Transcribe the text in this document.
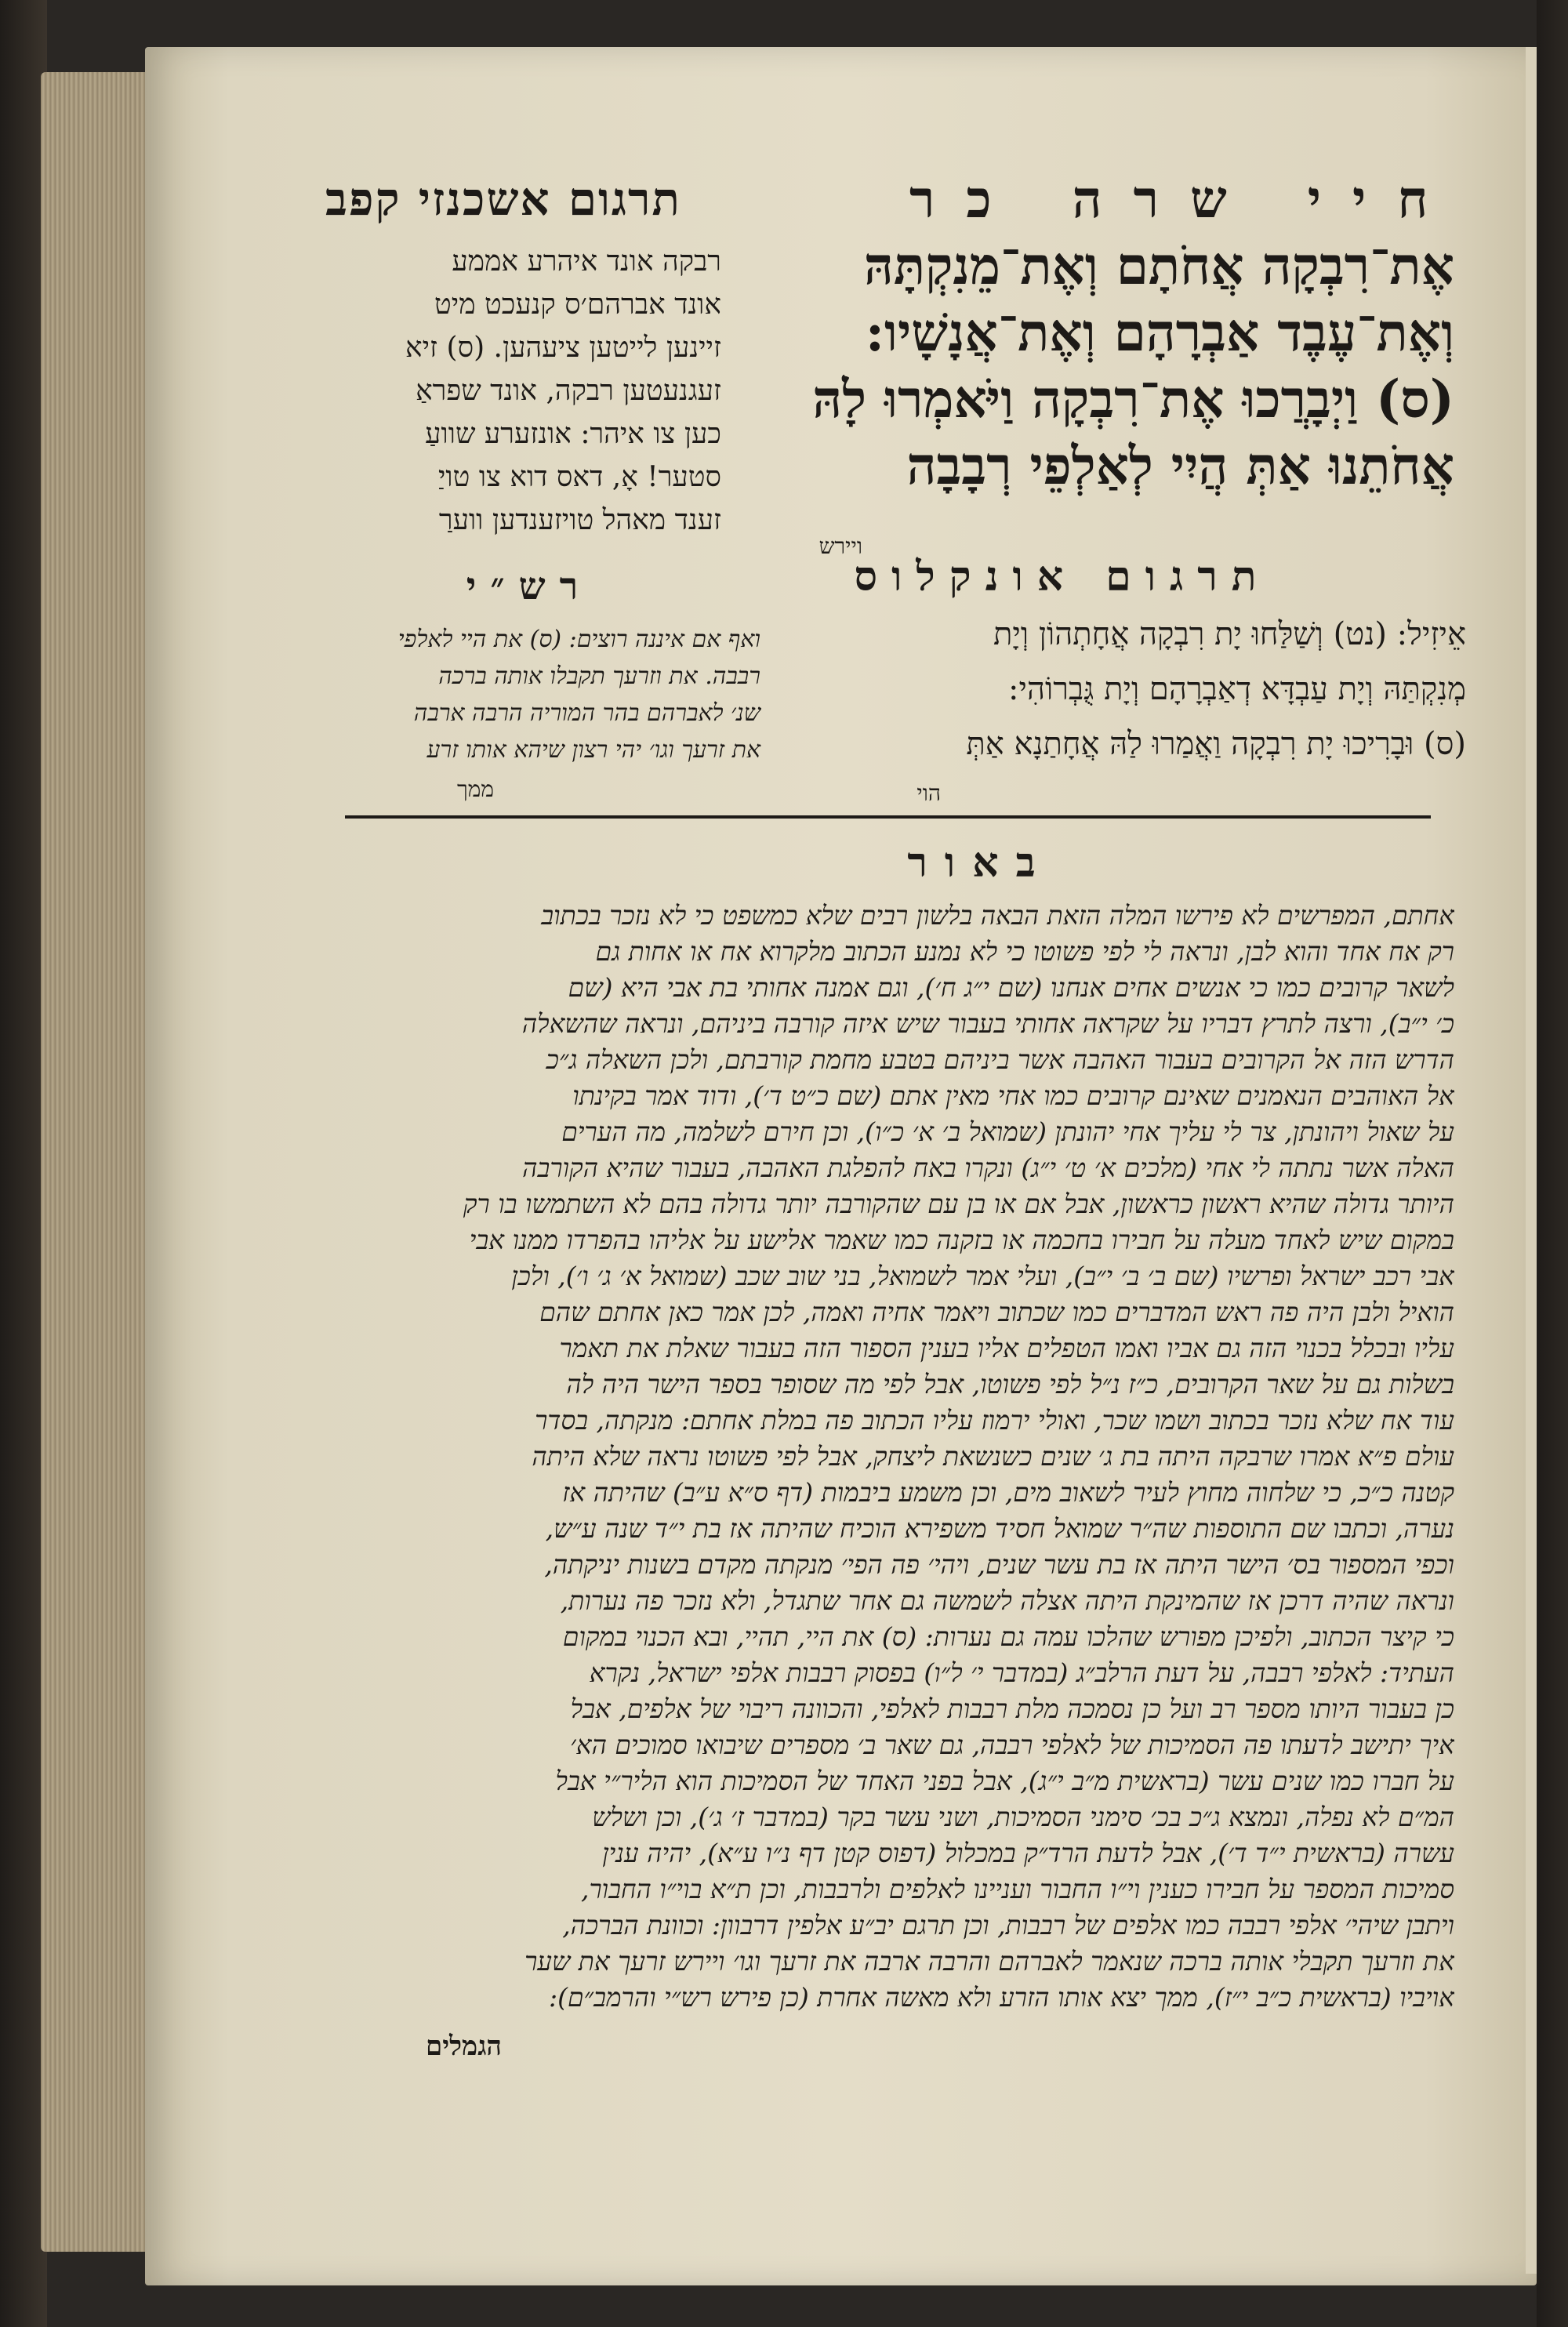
תרגום אשכנזי קפב	חיי שרה כר
רבקה אונד איהרע אממע
אונד אברהם׳ס קנעכט מיט
זיינען לייטען ציעהען. (ס) זיא
זעגנעטען רבקה, אונד שפראַ
כען צו איהר: אונזערע שוועַ
סטער! אָ, דאס דוא צו טויַ
זענד מאהל טויזענדען ווערַ
אֶת־רִבְקָה אֲחֹתָם וְאֶת־מֵנִקְתָּהּ
וְאֶת־עֶבֶד אַבְרָהָם וְאֶת־אֲנָשָׁיו:
(ס) וַיְבָרֲכוּ אֶת־רִבְקָה וַיֹּאמְרוּ לָהּ
אֲחֹתֵנוּ אַתְּ הֲיִי לְאַלְפֵי רְבָבָה
ויירש
תרגום אונקלוס
אֵיזִיל: (נט) וְשַׁלַּחוּ יָת רִבְקָה אֲחָתְהוֹן וְיָת
מְנִקְתַּהּ וְיָת עַבְדָּא דְאַבְרָהָם וְיָת גֻּבְרוֹהִי:
(ס) וּבָרִיכוּ יָת רִבְקָה וַאֲמַרוּ לַהּ אֲחָתַנָא אַתְּ
הוי
רש״י
ואף אם איננה רוצים: (ס) את היי לאלפי
רבבה. את וזרעך תקבלו אותה ברכה
שנ׳ לאברהם בהר המוריה הרבה ארבה
את זרעך וגו׳ יהי רצון שיהא אותו זרע
ממך
באור
אחתם, המפרשים לא פירשו המלה הזאת הבאה בלשון רבים שלא כמשפט כי לא נזכר בכתוב
רק אח אחד והוא לבן, ונראה לי לפי פשוטו כי לא נמנע הכתוב מלקרוא אח או אחות גם
לשאר קרובים כמו כי אנשים אחים אנחנו (שם י״ג ח׳), וגם אמנה אחותי בת אבי היא (שם
כ׳ י״ב), ורצה לתרץ דבריו על שקראה אחותי בעבור שיש איזה קורבה ביניהם, ונראה שהשאלה
הדרש הזה אל הקרובים בעבור האהבה אשר ביניהם בטבע מחמת קורבתם, ולכן השאלה ג״כ
אל האוהבים הנאמנים שאינם קרובים כמו אחי מאין אתם (שם כ״ט ד׳), ודוד אמר בקינתו
על שאול ויהונתן, צר לי עליך אחי יהונתן (שמואל ב׳ א׳ כ״ו), וכן חירם לשלמה, מה הערים
האלה אשר נתתה לי אחי (מלכים א׳ ט׳ י״ג) ונקרו באח להפלגת האהבה, בעבור שהיא הקורבה
היותר גדולה שהיא ראשון כראשון, אבל אם או בן עם שהקורבה יותר גדולה בהם לא השתמשו בו רק
במקום שיש לאחד מעלה על חבירו בחכמה או בזקנה כמו שאמר אלישע על אליהו בהפרדו ממנו אבי
אבי רכב ישראל ופרשיו (שם ב׳ ב׳ י״ב), ועלי אמר לשמואל, בני שוב שכב (שמואל א׳ ג׳ ו׳), ולכן
הואיל ולבן היה פה ראש המדברים כמו שכתוב ויאמר אחיה ואמה, לכן אמר כאן אחתם שהם
עליו ובכלל בכנוי הזה גם אביו ואמו הטפלים אליו בענין הספור הזה בעבור שאלת את תאמר
בשלות גם על שאר הקרובים, כ״ז נ״ל לפי פשוטו, אבל לפי מה שסופר בספר הישר היה לה
עוד אח שלא נזכר בכתוב ושמו שכר, ואולי ירמוז עליו הכתוב פה במלת אחתם: מנקתה, בסדר
עולם פ״א אמרו שרבקה היתה בת ג׳ שנים כשנשאת ליצחק, אבל לפי פשוטו נראה שלא היתה
קטנה כ״כ, כי שלחוה מחוץ לעיר לשאוב מים, וכן משמע ביבמות (דף ס״א ע״ב) שהיתה אז
נערה, וכתבו שם התוספות שה״ר שמואל חסיד משפירא הוכיח שהיתה אז בת י״ד שנה ע״ש,
וכפי המספור בס׳ הישר היתה אז בת עשר שנים, ויהי׳ פה הפי׳ מנקתה מקדם בשנות יניקתה,
ונראה שהיה דרכן אז שהמינקת היתה אצלה לשמשה גם אחר שתגדל, ולא נזכר פה נערות,
כי קיצר הכתוב, ולפיכן מפורש שהלכו עמה גם נערות: (ס) את היי, תהיי, ובא הכנוי במקום
העתיד: לאלפי רבבה, על דעת הרלב״ג (במדבר י׳ ל״ו) בפסוק רבבות אלפי ישראל, נקרא
כן בעבור היותו מספר רב ועל כן נסמכה מלת רבבות לאלפי, והכוונה ריבוי של אלפים, אבל
איך יתישב לדעתו פה הסמיכות של לאלפי רבבה, גם שאר ב׳ מספרים שיבואו סמוכים הא׳
על חברו כמו שנים עשר (בראשית מ״ב י״ג), אבל בפני האחד של הסמיכות הוא הליר״י אבל
המ״ם לא נפלה, ונמצא ג״כ בכ׳ סימני הסמיכות, ושני עשר בקר (במדבר ז׳ ג׳), וכן ושלש
עשרה (בראשית י״ד ד׳), אבל לדעת הרד״ק במכלול (דפוס קטן דף נ״ו ע״א), יהיה ענין
סמיכות המספר על חבירו כענין וי״ו החבור ועניינו לאלפים ולרבבות, וכן ת״א בוי״ו החבור,
ויתבן שיהי׳ אלפי רבבה כמו אלפים של רבבות, וכן תרגם יב״ע אלפין דרבוון: וכוונת הברכה,
את וזרעך תקבלי אותה ברכה שנאמר לאברהם והרבה ארבה את זרעך וגו׳ ויירש זרעך את שער
אויביו (בראשית כ״ב י״ז), ממך יצא אותו הזרע ולא מאשה אחרת (כן פירש רש״י והרמב״ם):
הגמלים
